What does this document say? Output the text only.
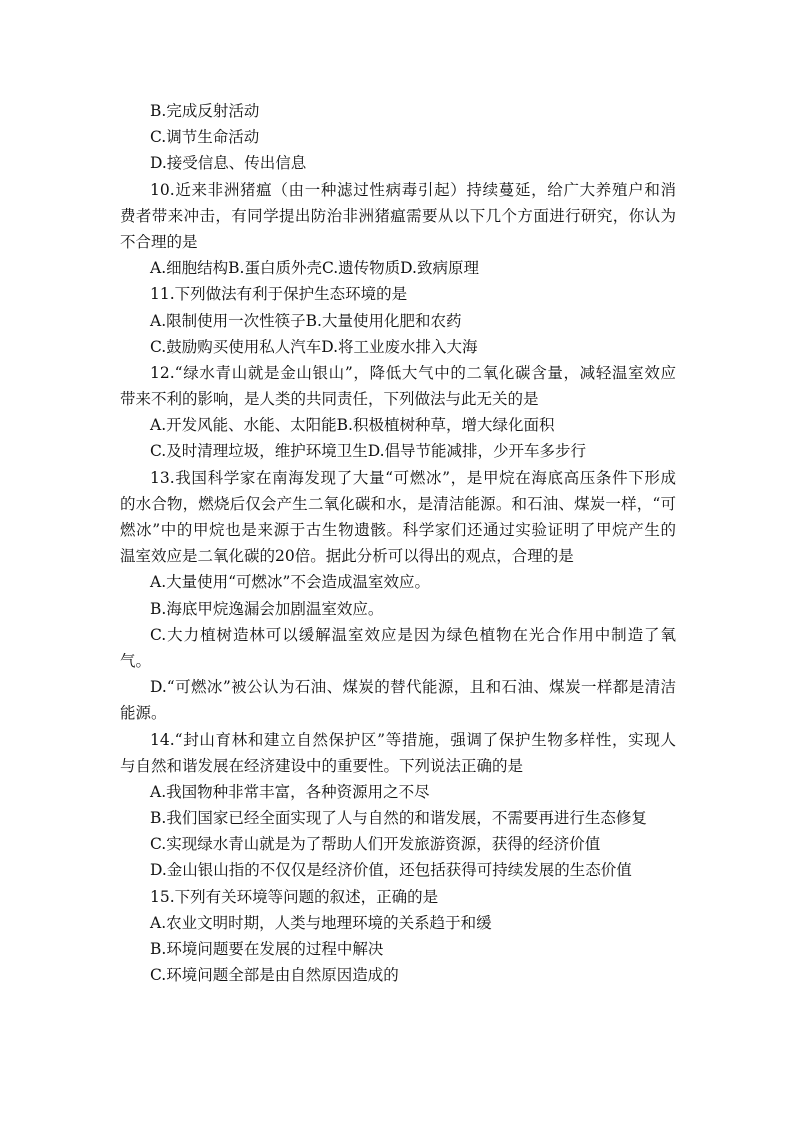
B.完成反射活动
C.调节生命活动
D.接受信息、传出信息
10.近来非洲猪瘟（由一种滤过性病毒引起）持续蔓延，给广大养殖户和消
费者带来冲击，有同学提出防治非洲猪瘟需要从以下几个方面进行研究，你认为
不合理的是
A.细胞结构B.蛋白质外壳C.遗传物质D.致病原理
11.下列做法有利于保护生态环境的是
A.限制使用一次性筷子B.大量使用化肥和农药
C.鼓励购买使用私人汽车D.将工业废水排入大海
12.“绿水青山就是金山银山”，降低大气中的二氧化碳含量，减轻温室效应
带来不利的影响，是人类的共同责任，下列做法与此无关的是
A.开发风能、水能、太阳能B.积极植树种草，增大绿化面积
C.及时清理垃圾，维护环境卫生D.倡导节能减排，少开车多步行
13.我国科学家在南海发现了大量“可燃冰”，是甲烷在海底高压条件下形成
的水合物，燃烧后仅会产生二氧化碳和水，是清洁能源。和石油、煤炭一样，“可
燃冰”中的甲烷也是来源于古生物遗骸。科学家们还通过实验证明了甲烷产生的
温室效应是二氧化碳的20倍。据此分析可以得出的观点，合理的是
A.大量使用“可燃冰”不会造成温室效应。
B.海底甲烷逸漏会加剧温室效应。
C.大力植树造林可以缓解温室效应是因为绿色植物在光合作用中制造了氧
气。
D.“可燃冰”被公认为石油、煤炭的替代能源，且和石油、煤炭一样都是清洁
能源。
14.“封山育林和建立自然保护区”等措施，强调了保护生物多样性，实现人
与自然和谐发展在经济建设中的重要性。下列说法正确的是
A.我国物种非常丰富，各种资源用之不尽
B.我们国家已经全面实现了人与自然的和谐发展，不需要再进行生态修复
C.实现绿水青山就是为了帮助人们开发旅游资源，获得的经济价值
D.金山银山指的不仅仅是经济价值，还包括获得可持续发展的生态价值
15.下列有关环境等问题的叙述，正确的是
A.农业文明时期，人类与地理环境的关系趋于和缓
B.环境问题要在发展的过程中解决
C.环境问题全部是由自然原因造成的
